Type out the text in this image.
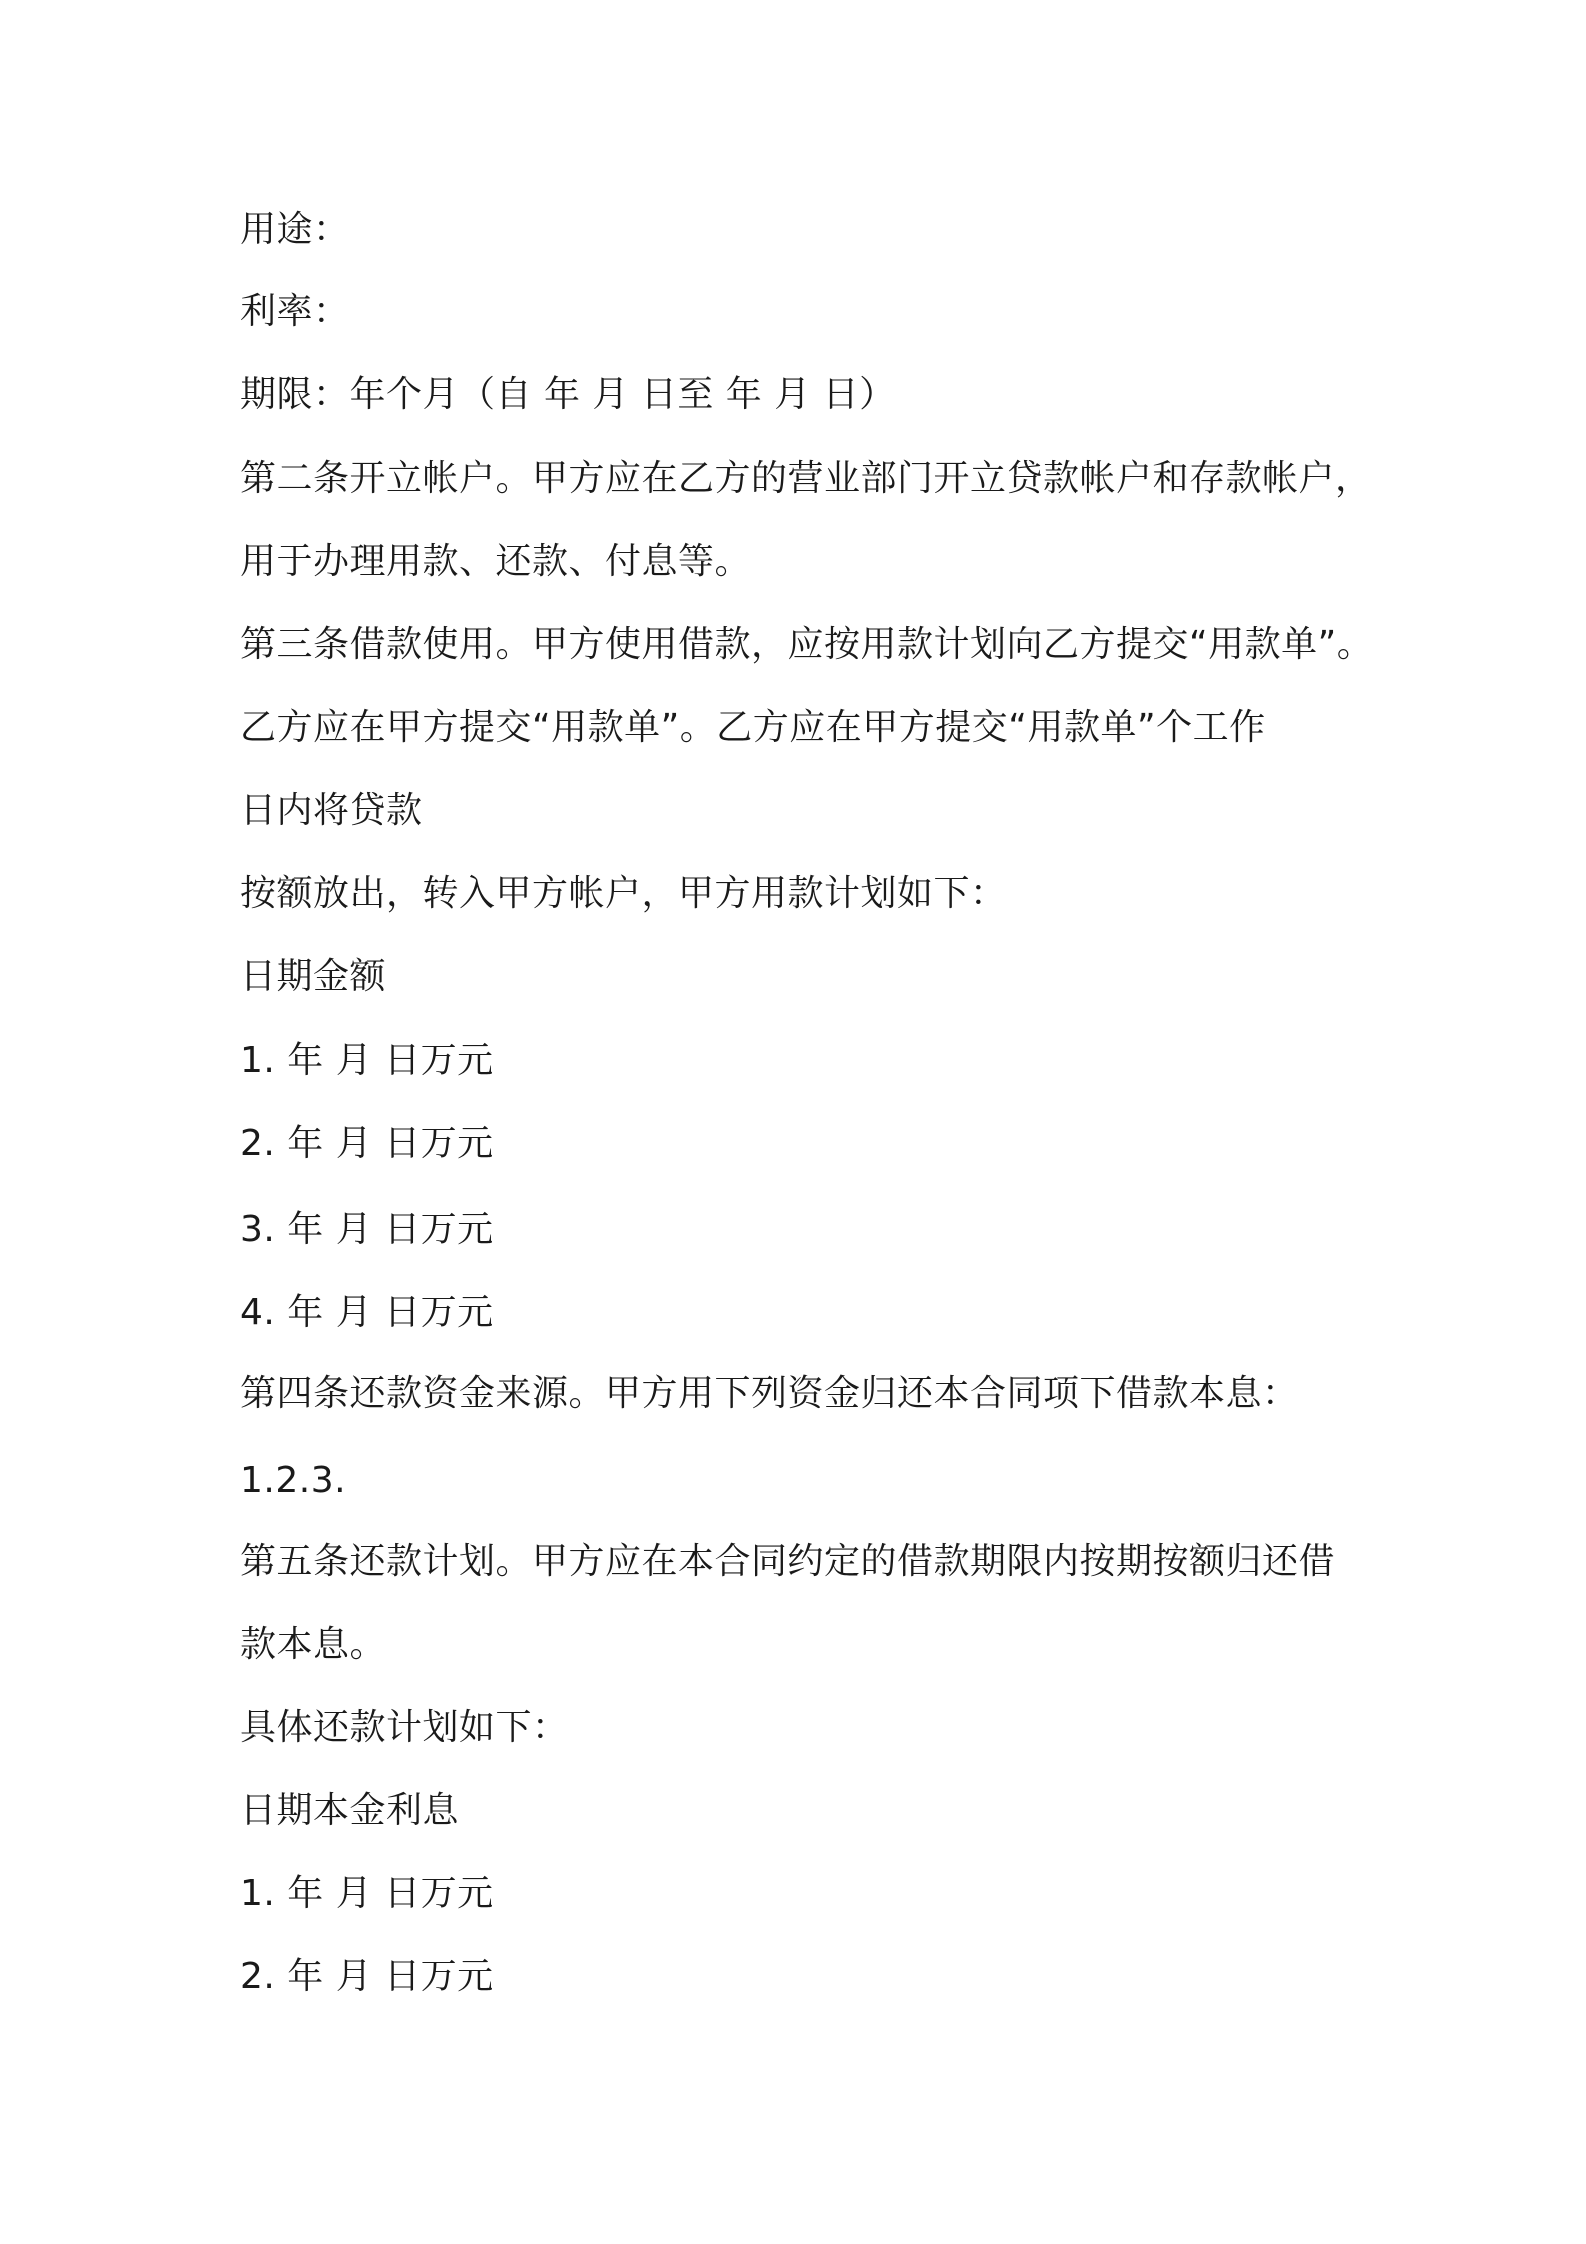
用途：

利率：

期限：年个月（自 年 月 日至 年 月 日）

第二条开立帐户。甲方应在乙方的营业部门开立贷款帐户和存款帐户，

用于办理用款、还款、付息等。

第三条借款使用。甲方使用借款，应按用款计划向乙方提交“用款单”。

乙方应在甲方提交“用款单”。乙方应在甲方提交“用款单”个工作

日内将贷款

按额放出，转入甲方帐户，甲方用款计划如下：

日期金额

1. 年 月 日万元

2. 年 月 日万元

3. 年 月 日万元

4. 年 月 日万元

第四条还款资金来源。甲方用下列资金归还本合同项下借款本息：

1.2.3.

第五条还款计划。甲方应在本合同约定的借款期限内按期按额归还借

款本息。

具体还款计划如下：

日期本金利息

1. 年 月 日万元

2. 年 月 日万元
